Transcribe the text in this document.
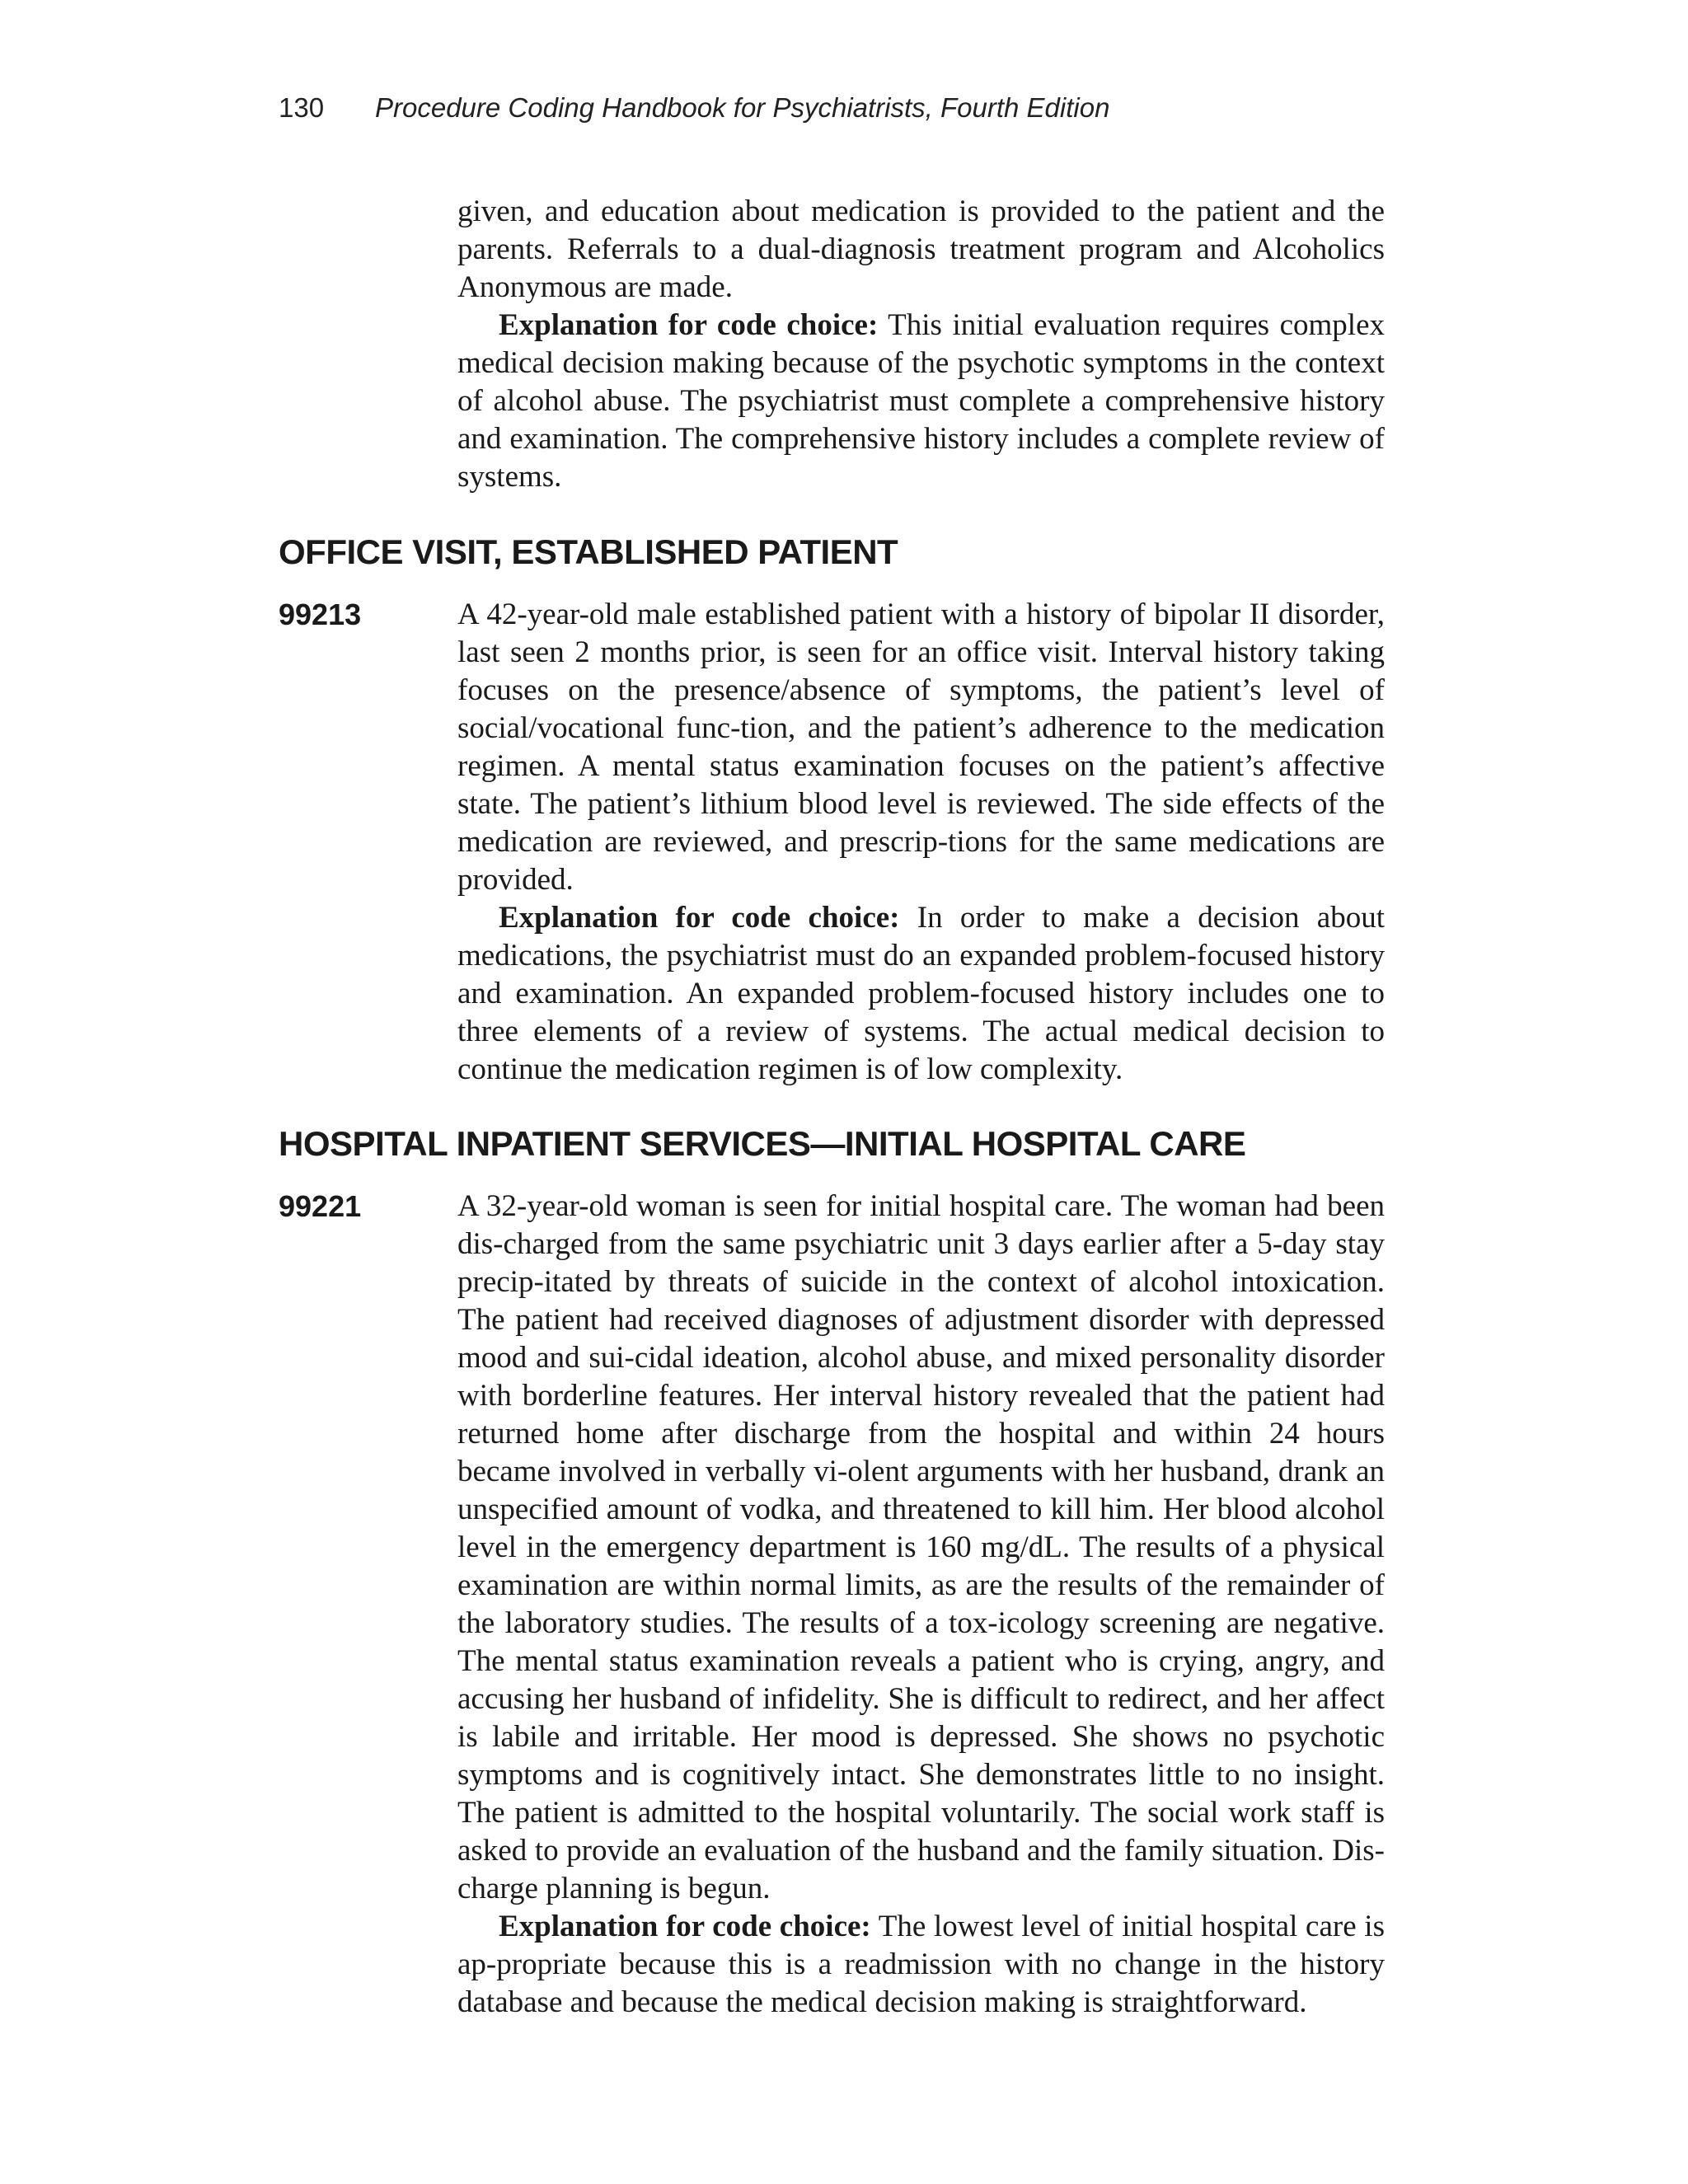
130 Procedure Coding Handbook for Psychiatrists, Fourth Edition

given, and education about medication is provided to the patient and the parents. Referrals to a dual-diagnosis treatment program and Alcoholics Anonymous are made.

Explanation for code choice: This initial evaluation requires complex medical decision making because of the psychotic symptoms in the context of alcohol abuse. The psychiatrist must complete a comprehensive history and examination. The comprehensive history includes a complete review of systems.

OFFICE VISIT, ESTABLISHED PATIENT
99213	A 42-year-old male established patient with a history of bipolar II disorder, last seen 2 months prior, is seen for an office visit. Interval history taking focuses on the presence/absence of symptoms, the patient’s level of social/vocational func-tion, and the patient’s adherence to the medication regimen. A mental status examination focuses on the patient’s affective state. The patient’s lithium blood level is reviewed. The side effects of the medication are reviewed, and prescrip-tions for the same medications are provided.

Explanation for code choice: In order to make a decision about medications, the psychiatrist must do an expanded problem-focused history and examination. An expanded problem-focused history includes one to three elements of a review of systems. The actual medical decision to continue the medication regimen is of low complexity.

HOSPITAL INPATIENT SERVICES—INITIAL HOSPITAL CARE
99221	A 32-year-old woman is seen for initial hospital care. The woman had been dis-charged from the same psychiatric unit 3 days earlier after a 5-day stay precip-itated by threats of suicide in the context of alcohol intoxication. The patient had received diagnoses of adjustment disorder with depressed mood and sui-cidal ideation, alcohol abuse, and mixed personality disorder with borderline features. Her interval history revealed that the patient had returned home after discharge from the hospital and within 24 hours became involved in verbally vi-olent arguments with her husband, drank an unspecified amount of vodka, and threatened to kill him. Her blood alcohol level in the emergency department is 160 mg/dL. The results of a physical examination are within normal limits, as are the results of the remainder of the laboratory studies. The results of a tox-icology screening are negative. The mental status examination reveals a patient who is crying, angry, and accusing her husband of infidelity. She is difficult to redirect, and her affect is labile and irritable. Her mood is depressed. She shows no psychotic symptoms and is cognitively intact. She demonstrates little to no insight. The patient is admitted to the hospital voluntarily. The social work staff is asked to provide an evaluation of the husband and the family situation. Dis-charge planning is begun.

Explanation for code choice: The lowest level of initial hospital care is ap-propriate because this is a readmission with no change in the history database and because the medical decision making is straightforward.
